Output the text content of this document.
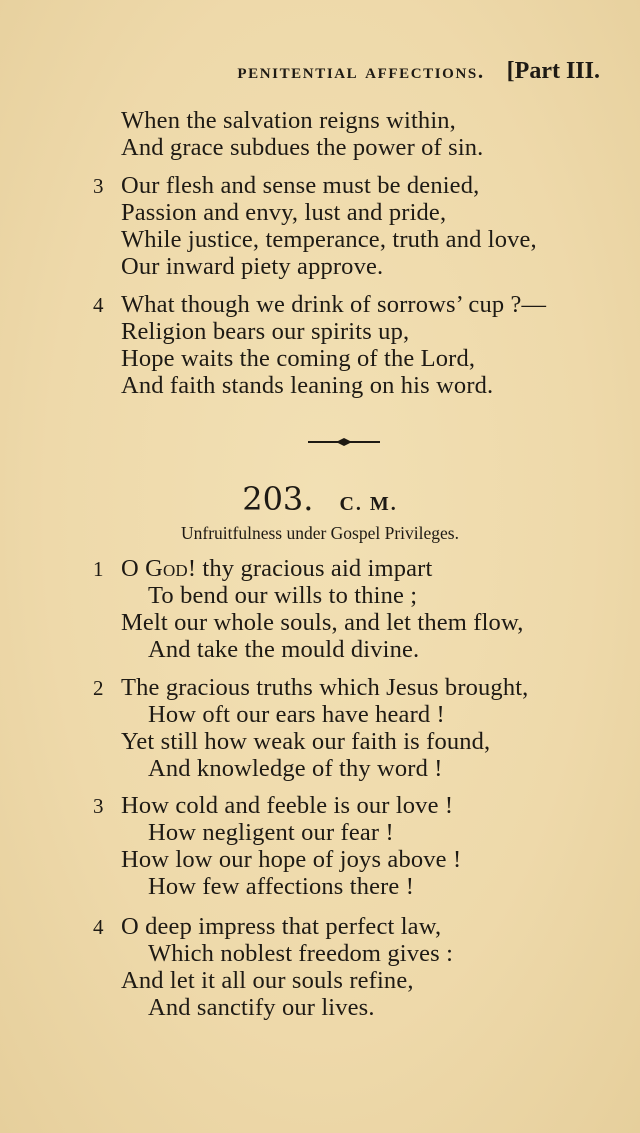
penitential affections. [Part III.
When the salvation reigns within,
And grace subdues the power of sin.
3 Our flesh and sense must be denied,
Passion and envy, lust and pride,
While justice, temperance, truth and love,
Our inward piety approve.
4 What though we drink of sorrows’ cup ?—
Religion bears our spirits up,
Hope waits the coming of the Lord,
And faith stands leaning on his word.
203. C. M.
Unfruitfulness under Gospel Privileges.
1 O God! thy gracious aid impart
To bend our wills to thine ;
Melt our whole souls, and let them flow,
And take the mould divine.
2 The gracious truths which Jesus brought,
How oft our ears have heard !
Yet still how weak our faith is found,
And knowledge of thy word !
3 How cold and feeble is our love !
How negligent our fear !
How low our hope of joys above !
How few affections there !
4 O deep impress that perfect law,
Which noblest freedom gives :
And let it all our souls refine,
And sanctify our lives.
